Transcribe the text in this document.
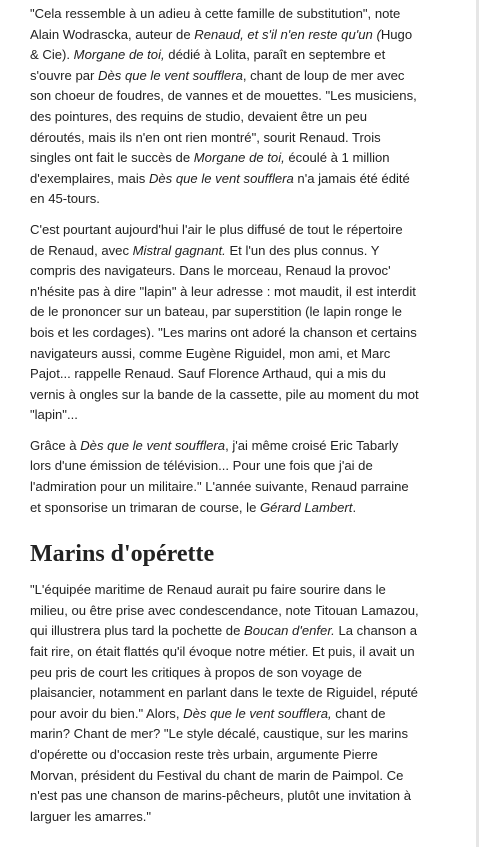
"Cela ressemble à un adieu à cette famille de substitution", note
Alain Wodrascka, auteur de Renaud, et s'il n'en reste qu'un (Hugo
& Cie). Morgane de toi, dédié à Lolita, paraît en septembre et
s'ouvre par Dès que le vent soufflera, chant de loup de mer avec
son choeur de foudres, de vannes et de mouettes. "Les musiciens,
des pointures, des requins de studio, devaient être un peu
déroutés, mais ils n'en ont rien montré", sourit Renaud. Trois
singles ont fait le succès de Morgane de toi, écoulé à 1 million
d'exemplaires, mais Dès que le vent soufflera n'a jamais été édité
en 45-tours.

C'est pourtant aujourd'hui l'air le plus diffusé de tout le répertoire
de Renaud, avec Mistral gagnant. Et l'un des plus connus. Y
compris des navigateurs. Dans le morceau, Renaud la provoc'
n'hésite pas à dire "lapin" à leur adresse : mot maudit, il est interdit
de le prononcer sur un bateau, par superstition (le lapin ronge le
bois et les cordages). "Les marins ont adoré la chanson et certains
navigateurs aussi, comme Eugène Riguidel, mon ami, et Marc
Pajot... rappelle Renaud. Sauf Florence Arthaud, qui a mis du
vernis à ongles sur la bande de la cassette, pile au moment du mot
"lapin"...

Grâce à Dès que le vent soufflera, j'ai même croisé Eric Tabarly
lors d'une émission de télévision... Pour une fois que j'ai de
l'admiration pour un militaire." L'année suivante, Renaud parraine
et sponsorise un trimaran de course, le Gérard Lambert.

Marins d'opérette

"L'équipée maritime de Renaud aurait pu faire sourire dans le
milieu, ou être prise avec condescendance, note Titouan Lamazou,
qui illustrera plus tard la pochette de Boucan d'enfer. La chanson a
fait rire, on était flattés qu'il évoque notre métier. Et puis, il avait un
peu pris de court les critiques à propos de son voyage de
plaisancier, notamment en parlant dans le texte de Riguidel, réputé
pour avoir du bien." Alors, Dès que le vent soufflera, chant de
marin? Chant de mer? "Le style décalé, caustique, sur les marins
d'opérette ou d'occasion reste très urbain, argumente Pierre
Morvan, président du Festival du chant de marin de Paimpol. Ce
n'est pas une chanson de marins-pêcheurs, plutôt une invitation à
larguer les amarres."
